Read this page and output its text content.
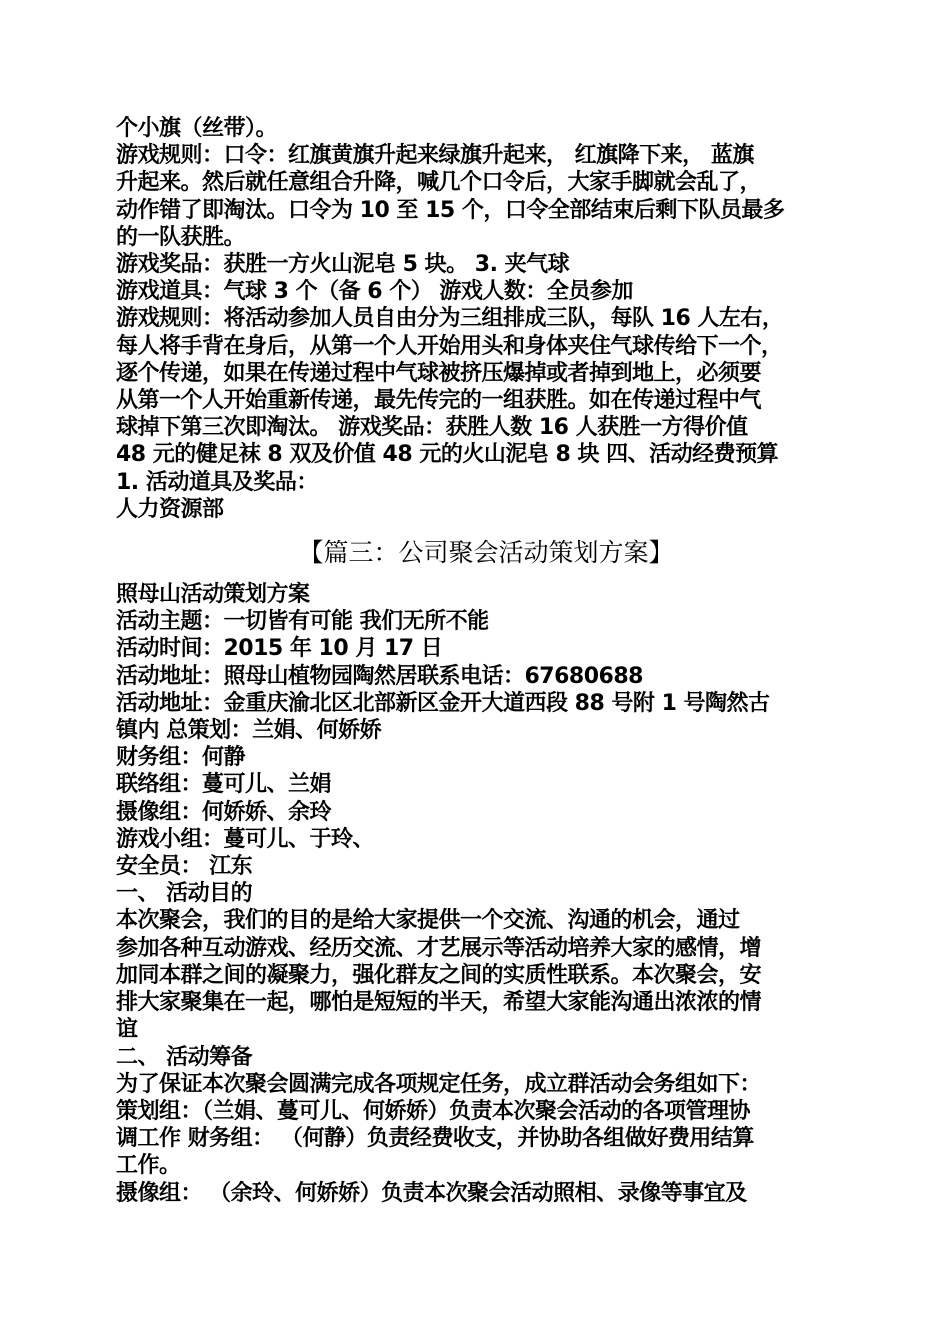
个小旗（丝带）。
游戏规则：口令：红旗黄旗升起来绿旗升起来， 红旗降下来， 蓝旗
升起来。然后就任意组合升降，喊几个口令后，大家手脚就会乱了，
动作错了即淘汰。口令为 10 至 15 个，口令全部结束后剩下队员最多
的一队获胜。
游戏奖品：获胜一方火山泥皂 5 块。 3. 夹气球
游戏道具：气球 3 个（备 6 个） 游戏人数：全员参加
游戏规则：将活动参加人员自由分为三组排成三队，每队 16 人左右，
每人将手背在身后，从第一个人开始用头和身体夹住气球传给下一个，
逐个传递，如果在传递过程中气球被挤压爆掉或者掉到地上，必须要
从第一个人开始重新传递，最先传完的一组获胜。如在传递过程中气
球掉下第三次即淘汰。 游戏奖品：获胜人数 16 人获胜一方得价值
48 元的健足袜 8 双及价值 48 元的火山泥皂 8 块 四、活动经费预算
1. 活动道具及奖品：
人力资源部
【篇三：公司聚会活动策划方案】
照母山活动策划方案
活动主题：一切皆有可能 我们无所不能
活动时间：2015 年 10 月 17 日
活动地址：照母山植物园陶然居联系电话：67680688
活动地址：金重庆渝北区北部新区金开大道西段 88 号附 1 号陶然古
镇内 总策划：兰娟、何娇娇
财务组：何静
联络组：蔓可儿、兰娟
摄像组：何娇娇、余玲
游戏小组：蔓可儿、于玲、
安全员： 江东
一、 活动目的
本次聚会，我们的目的是给大家提供一个交流、沟通的机会，通过
参加各种互动游戏、经历交流、才艺展示等活动培养大家的感情，增
加同本群之间的凝聚力，强化群友之间的实质性联系。本次聚会，安
排大家聚集在一起，哪怕是短短的半天，希望大家能沟通出浓浓的情
谊
二、 活动筹备
为了保证本次聚会圆满完成各项规定任务，成立群活动会务组如下：
策划组：（兰娟、蔓可儿、何娇娇）负责本次聚会活动的各项管理协
调工作 财务组： （何静）负责经费收支，并协助各组做好费用结算
工作。
摄像组： （余玲、何娇娇）负责本次聚会活动照相、录像等事宜及
